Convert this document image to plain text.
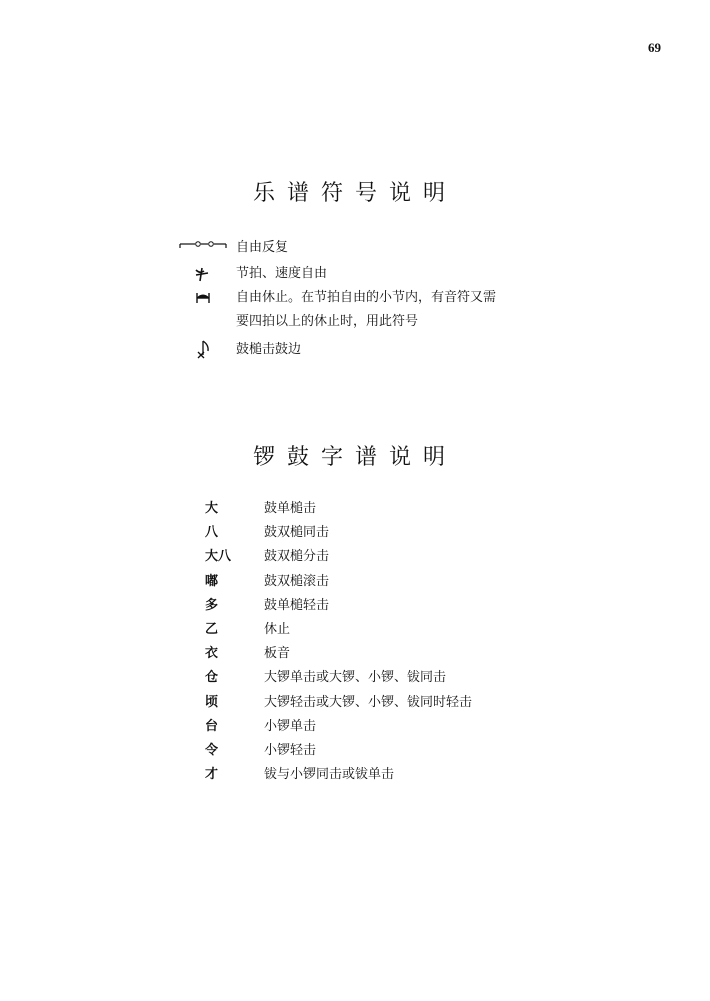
69
乐谱符号说明
自由反复
节拍、速度自由
自由休止。在节拍自由的小节内，有音符又需
要四拍以上的休止时，用此符号
鼓槌击鼓边
锣鼓字谱说明
大	鼓单槌击
八	鼓双槌同击
大八	鼓双槌分击
嘟	鼓双槌滚击
多	鼓单槌轻击
乙	休止
衣	板音
仓	大锣单击或大锣、小锣、钹同击
顷	大锣轻击或大锣、小锣、钹同时轻击
台	小锣单击
令	小锣轻击
才	钹与小锣同击或钹单击
